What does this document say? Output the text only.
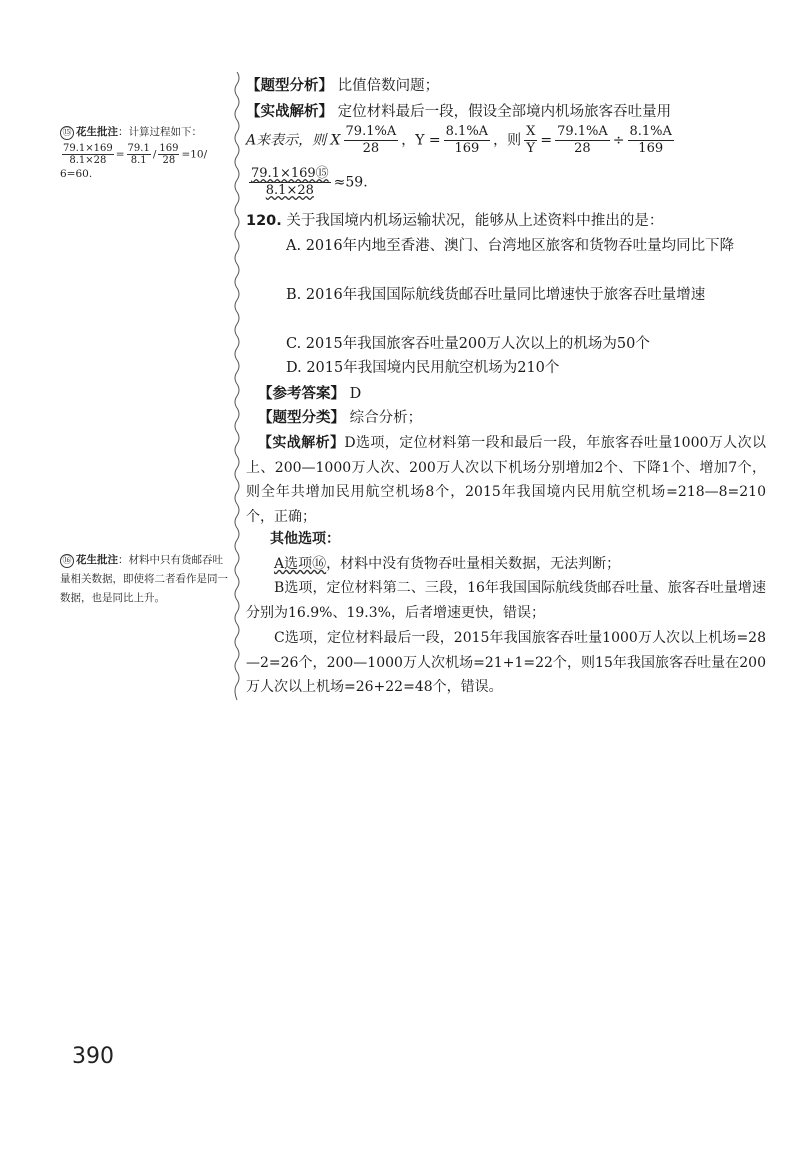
⑮ 花生批注：计算过程如下：
$\frac{79.1\times 169}{8.1\times 28} = \frac{79.1}{8.1} / \frac{169}{28} =10/$
6=60.
⑯ 花生批注：材料中只有货邮吞吐量相关数据，即使将二者看作是同一数据，也是同比上升。
【题型分析】 比值倍数问题；
【实战解析】 定位材料最后一段，假设全部境内机场旅客吞吐量用
A来表示，则 X $\frac{79.1\%A}{28}$ ，$Y = \frac{8.1\%A}{169}$ ，则 $\frac{X}{Y} = \frac{79.1\%A}{28} \div \frac{8.1\%A}{169}$
$\frac{\text{79.1×169⑮}}{8.1\times 28} \approx 59$.
120. 关于我国境内机场运输状况，能够从上述资料中推出的是：
A. 2016年内地至香港、澳门、台湾地区旅客和货物吞吐量均同比下降
B. 2016年我国国际航线货邮吞吐量同比增速快于旅客吞吐量增速
C. 2015年我国旅客吞吐量200万人次以上的机场为50个
D. 2015年我国境内民用航空机场为210个
【参考答案】 D
【题型分类】 综合分析；
【实战解析】D选项，定位材料第一段和最后一段，年旅客吞吐量1000万人次以上、200—1000万人次、200万人次以下机场分别增加2个、下降1个、增加7个，则全年共增加民用航空机场8个，2015年我国境内民用航空机场=218—8=210个，正确；
其他选项：
A选项⑯，材料中没有货物吞吐量相关数据，无法判断；
B选项，定位材料第二、三段，16年我国国际航线货邮吞吐量、旅客吞吐量增速分别为16.9%、19.3%，后者增速更快，错误；
C选项，定位材料最后一段，2015年我国旅客吞吐量1000万人次以上机场=28—2=26个，200—1000万人次机场=21+1=22个，则15年我国旅客吞吐量在200万人次以上机场=26+22=48个，错误。
390
